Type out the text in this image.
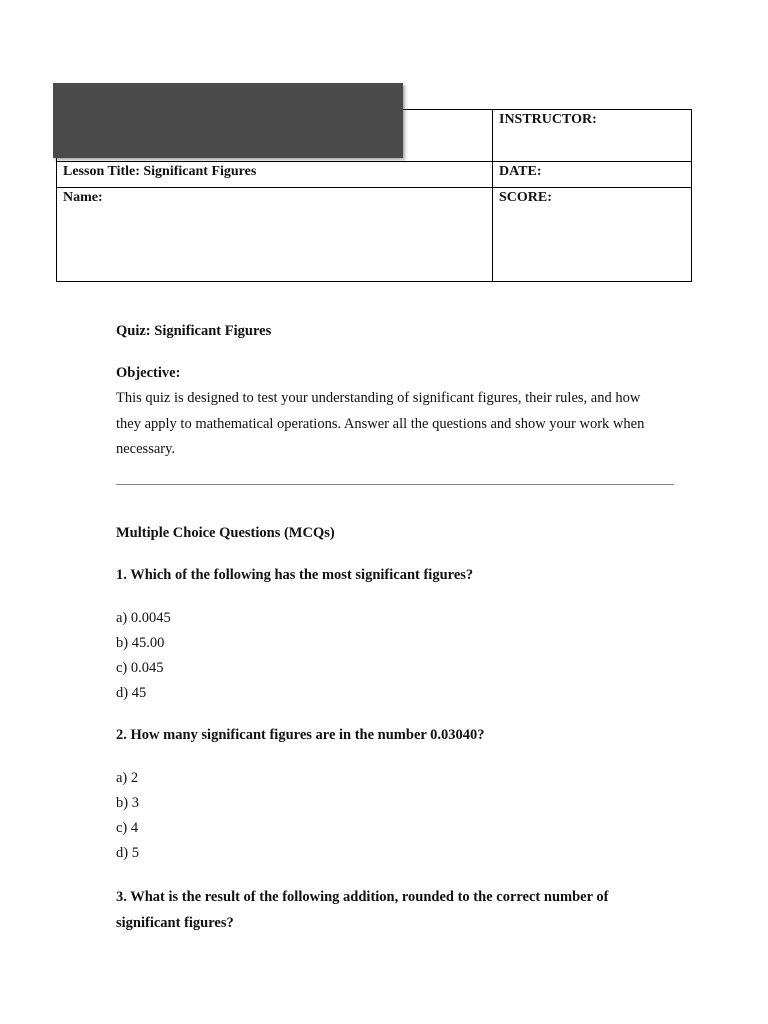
	INSTRUCTOR:
Lesson Title: Significant Figures	DATE:
Name:	SCORE:
Quiz: Significant Figures
Objective:
This quiz is designed to test your understanding of significant figures, their rules, and how they apply to mathematical operations. Answer all the questions and show your work when necessary.
Multiple Choice Questions (MCQs)
1. Which of the following has the most significant figures?
a) 0.0045
b) 45.00
c) 0.045
d) 45
2. How many significant figures are in the number 0.03040?
a) 2
b) 3
c) 4
d) 5
3. What is the result of the following addition, rounded to the correct number of significant figures?
